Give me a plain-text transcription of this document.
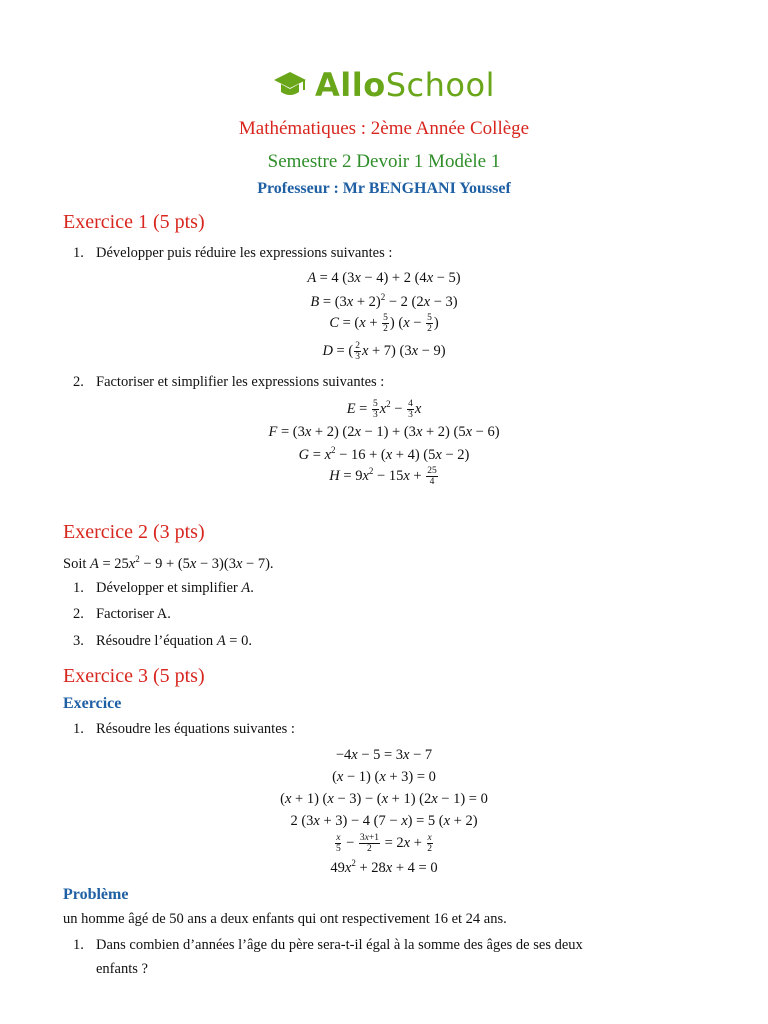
AlloSchool
Mathématiques : 2ème Année Collège
Semestre 2 Devoir 1 Modèle 1
Professeur : Mr BENGHANI Youssef
Exercice 1 (5 pts)
1. Développer puis réduire les expressions suivantes :
A = 4 (3x − 4) + 2 (4x − 5)
$B = (3x + 2)^2 - 2$ (2x − 3)
$C = (x + \frac{5}{2}$ ) ($x - \frac{5}{2}$ )
D = ( $\frac{2}{3}$ x + 7) (3x − 9)
2. Factoriser et simplifier les expressions suivantes :
$E = \frac{5}{3} x^2 - \frac{4}{3}$ x
F = (3x + 2) (2x − 1) + (3x + 2) (5x − 6)
$G = x^2 - 16 + (x + 4) (5x - 2)$
$H = 9x^2 - 15x + \frac{25}{4}$
Exercice 2 (3 pts)
Soit $A = 25x^2 - 9 + (5x - 3)(3x - 7)$.
1. Développer et simplifier A.
2. Factoriser A.
3. Résoudre l’équation A = 0.
Exercice 3 (5 pts)
Exercice
1. Résoudre les équations suivantes :
−4x − 5 = 3x − 7
(x − 1) (x + 3) = 0
(x + 1) (x − 3) − (x + 1) (2x − 1) = 0
2 (3x + 3) − 4 (7 − x) = 5 (x + 2)
$\frac{x}{5} - \frac{3x+1}{2} = 2x + \frac{x}{2}$
$49x^2 + 28x + 4 = 0$
Problème
un homme âgé de 50 ans a deux enfants qui ont respectivement 16 et 24 ans.
1. Dans combien d’années l’âge du père sera-t-il égal à la somme des âges de ses deux
enfants ?
